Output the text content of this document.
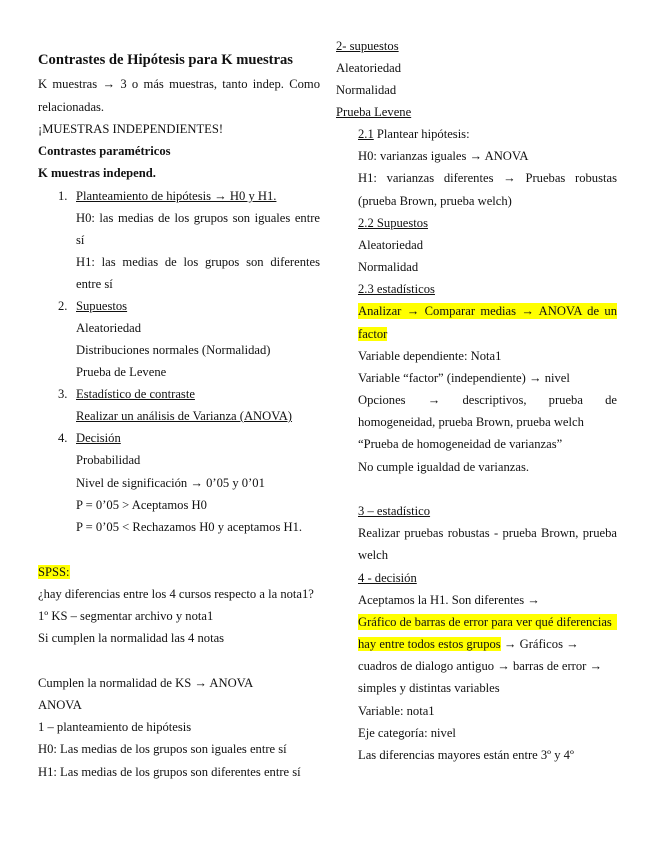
Contrastes de Hipótesis para K muestras
K muestras → 3 o más muestras, tanto indep. Como
relacionadas.
¡MUESTRAS INDEPENDIENTES!
Contrastes paramétricos
K muestras independ.
1. Planteamiento de hipótesis → H0 y H1.
H0: las medias de los grupos son iguales entre
sí
H1: las medias de los grupos son diferentes
entre sí
2. Supuestos
Aleatoriedad
Distribuciones normales (Normalidad)
Prueba de Levene
3. Estadístico de contraste
Realizar un análisis de Varianza (ANOVA)
4. Decisión
Probabilidad
Nivel de significación → 0’05 y 0’01
P = 0’05 > Aceptamos H0
P = 0’05 < Rechazamos H0 y aceptamos H1.
SPSS:
¿hay diferencias entre los 4 cursos respecto a la nota1?
1º KS – segmentar archivo y nota1
Si cumplen la normalidad las 4 notas
Cumplen la normalidad de KS → ANOVA
ANOVA
1 – planteamiento de hipótesis
H0: Las medias de los grupos son iguales entre sí
H1: Las medias de los grupos son diferentes entre sí
2- supuestos
Aleatoriedad
Normalidad
Prueba Levene
2.1 Plantear hipótesis:
H0: varianzas iguales → ANOVA
H1: varianzas diferentes → Pruebas robustas
(prueba Brown, prueba welch)
2.2 Supuestos
Aleatoriedad
Normalidad
2.3 estadísticos
Analizar → Comparar medias → ANOVA de un
factor
Variable dependiente: Nota1
Variable “factor” (independiente) → nivel
Opciones → descriptivos, prueba de
homogeneidad, prueba Brown, prueba welch
“Prueba de homogeneidad de varianzas”
No cumple igualdad de varianzas.
3 – estadístico
Realizar pruebas robustas - prueba Brown, prueba
welch
4 - decisión
Aceptamos la H1. Son diferentes →
Gráfico de barras de error para ver qué diferencias
hay entre todos estos grupos → Gráficos →
cuadros de dialogo antiguo → barras de error →
simples y distintas variables
Variable: nota1
Eje categoría: nivel
Las diferencias mayores están entre 3º y 4º
